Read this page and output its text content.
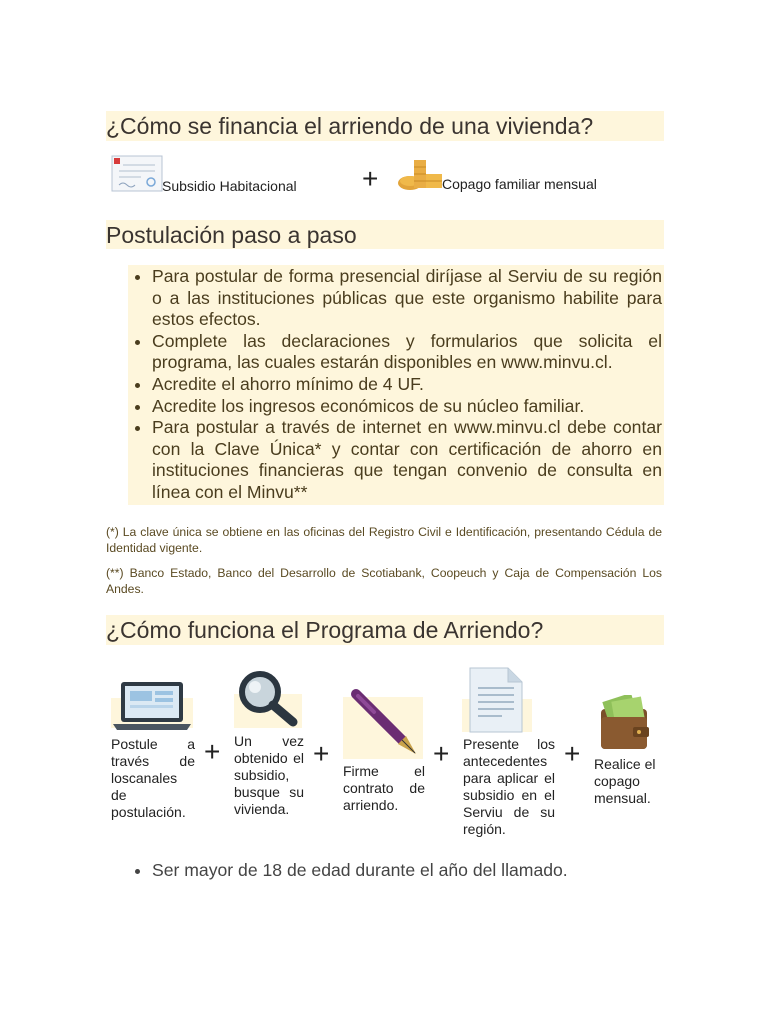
¿Cómo se financia el arriendo de una vivienda?
Subsidio Habitacional +	Copago familiar mensual
Postulación paso a paso
• Para postular de forma presencial diríjase al Serviu de su región o a las instituciones públicas que este organismo habilite para estos efectos.
• Complete las declaraciones y formularios que solicita el programa, las cuales estarán disponibles en www.minvu.cl.
• Acredite el ahorro mínimo de 4 UF.
• Acredite los ingresos económicos de su núcleo familiar.
• Para postular a través de internet en www.minvu.cl debe contar con la Clave Única* y contar con certificación de ahorro en instituciones financieras que tengan convenio de consulta en línea con el Minvu**
(*) La clave única se obtiene en las oficinas del Registro Civil e Identificación, presentando Cédula de Identidad vigente.
(**) Banco Estado, Banco del Desarrollo de Scotiabank, Coopeuch y Caja de Compensación Los Andes.
¿Cómo funciona el Programa de Arriendo?
Postule a través de loscanales de postulación.
+ Un vez obtenido el subsidio, busque su vivienda.
+
Firme el contrato de arriendo.
+ Presente los antecedentes para aplicar el subsidio en el Serviu de su región.
+ Realice el copago mensual.
• Ser mayor de 18 de edad durante el año del llamado.
